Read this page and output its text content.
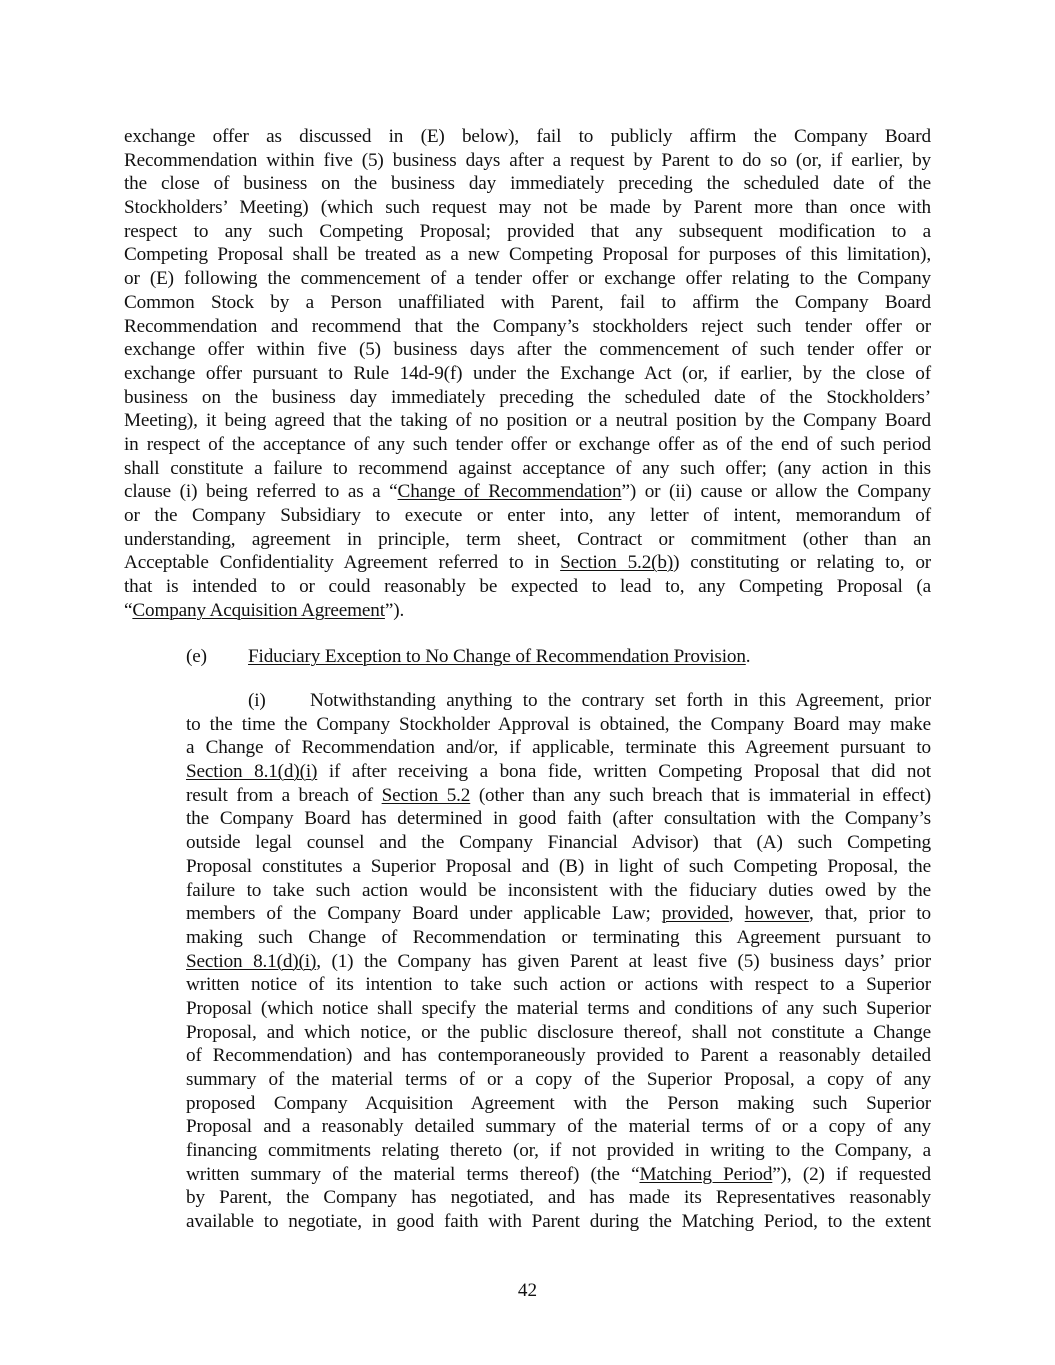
exchange offer as discussed in (E) below), fail to publicly affirm the Company Board
Recommendation within five (5) business days after a request by Parent to do so (or, if earlier, by
the close of business on the business day immediately preceding the scheduled date of the
Stockholders’ Meeting) (which such request may not be made by Parent more than once with
respect to any such Competing Proposal; provided that any subsequent modification to a
Competing Proposal shall be treated as a new Competing Proposal for purposes of this limitation),
or (E) following the commencement of a tender offer or exchange offer relating to the Company
Common Stock by a Person unaffiliated with Parent, fail to affirm the Company Board
Recommendation and recommend that the Company’s stockholders reject such tender offer or
exchange offer within five (5) business days after the commencement of such tender offer or
exchange offer pursuant to Rule 14d-9(f) under the Exchange Act (or, if earlier, by the close of
business on the business day immediately preceding the scheduled date of the Stockholders’
Meeting), it being agreed that the taking of no position or a neutral position by the Company Board
in respect of the acceptance of any such tender offer or exchange offer as of the end of such period
shall constitute a failure to recommend against acceptance of any such offer; (any action in this
clause (i) being referred to as a “Change of Recommendation”) or (ii) cause or allow the Company
or the Company Subsidiary to execute or enter into, any letter of intent, memorandum of
understanding, agreement in principle, term sheet, Contract or commitment (other than an
Acceptable Confidentiality Agreement referred to in Section 5.2(b)) constituting or relating to, or
that is intended to or could reasonably be expected to lead to, any Competing Proposal (a
“Company Acquisition Agreement”).
(e) Fiduciary Exception to No Change of Recommendation Provision.
(i) Notwithstanding anything to the contrary set forth in this Agreement, prior
to the time the Company Stockholder Approval is obtained, the Company Board may make
a Change of Recommendation and/or, if applicable, terminate this Agreement pursuant to
Section 8.1(d)(i) if after receiving a bona fide, written Competing Proposal that did not
result from a breach of Section 5.2 (other than any such breach that is immaterial in effect)
the Company Board has determined in good faith (after consultation with the Company’s
outside legal counsel and the Company Financial Advisor) that (A) such Competing
Proposal constitutes a Superior Proposal and (B) in light of such Competing Proposal, the
failure to take such action would be inconsistent with the fiduciary duties owed by the
members of the Company Board under applicable Law; provided, however, that, prior to
making such Change of Recommendation or terminating this Agreement pursuant to
Section 8.1(d)(i), (1) the Company has given Parent at least five (5) business days’ prior
written notice of its intention to take such action or actions with respect to a Superior
Proposal (which notice shall specify the material terms and conditions of any such Superior
Proposal, and which notice, or the public disclosure thereof, shall not constitute a Change
of Recommendation) and has contemporaneously provided to Parent a reasonably detailed
summary of the material terms of or a copy of the Superior Proposal, a copy of any
proposed Company Acquisition Agreement with the Person making such Superior
Proposal and a reasonably detailed summary of the material terms of or a copy of any
financing commitments relating thereto (or, if not provided in writing to the Company, a
written summary of the material terms thereof) (the “Matching Period”), (2) if requested
by Parent, the Company has negotiated, and has made its Representatives reasonably
available to negotiate, in good faith with Parent during the Matching Period, to the extent
42
